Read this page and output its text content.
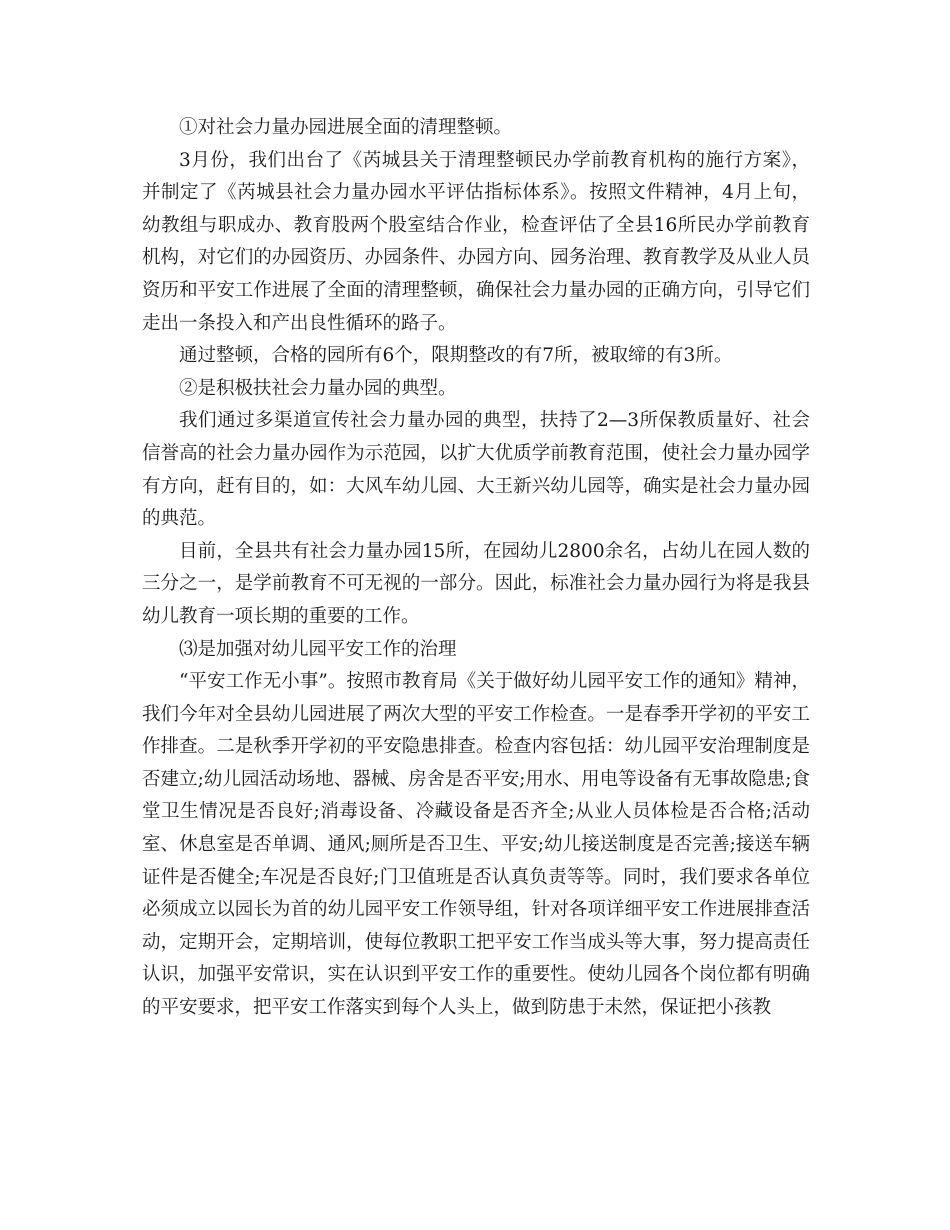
①对社会力量办园进展全面的清理整顿。

3月份，我们出台了《芮城县关于清理整顿民办学前教育机构的施行方案》，并制定了《芮城县社会力量办园水平评估指标体系》。按照文件精神，4月上旬，幼教组与职成办、教育股两个股室结合作业，检查评估了全县16所民办学前教育机构，对它们的办园资历、办园条件、办园方向、园务治理、教育教学及从业人员资历和平安工作进展了全面的清理整顿，确保社会力量办园的正确方向，引导它们走出一条投入和产出良性循环的路子。

通过整顿，合格的园所有6个，限期整改的有7所，被取缔的有3所。

②是积极扶社会力量办园的典型。

我们通过多渠道宣传社会力量办园的典型，扶持了2—3所保教质量好、社会信誉高的社会力量办园作为示范园，以扩大优质学前教育范围，使社会力量办园学有方向，赶有目的，如：大风车幼儿园、大王新兴幼儿园等，确实是社会力量办园的典范。

目前，全县共有社会力量办园15所，在园幼儿2800余名，占幼儿在园人数的三分之一，是学前教育不可无视的一部分。因此，标准社会力量办园行为将是我县幼儿教育一项长期的重要的工作。

⑶是加强对幼儿园平安工作的治理

“平安工作无小事”。按照市教育局《关于做好幼儿园平安工作的通知》精神，我们今年对全县幼儿园进展了两次大型的平安工作检查。一是春季开学初的平安工作排查。二是秋季开学初的平安隐患排查。检查内容包括：幼儿园平安治理制度是否建立;幼儿园活动场地、器械、房舍是否平安;用水、用电等设备有无事故隐患;食堂卫生情况是否良好;消毒设备、冷藏设备是否齐全;从业人员体检是否合格;活动室、休息室是否单调、通风;厕所是否卫生、平安;幼儿接送制度是否完善;接送车辆证件是否健全;车况是否良好;门卫值班是否认真负责等等。同时，我们要求各单位必须成立以园长为首的幼儿园平安工作领导组，针对各项详细平安工作进展排查活动，定期开会，定期培训，使每位教职工把平安工作当成头等大事，努力提高责任认识，加强平安常识，实在认识到平安工作的重要性。使幼儿园各个岗位都有明确的平安要求，把平安工作落实到每个人头上，做到防患于未然，保证把小孩教
